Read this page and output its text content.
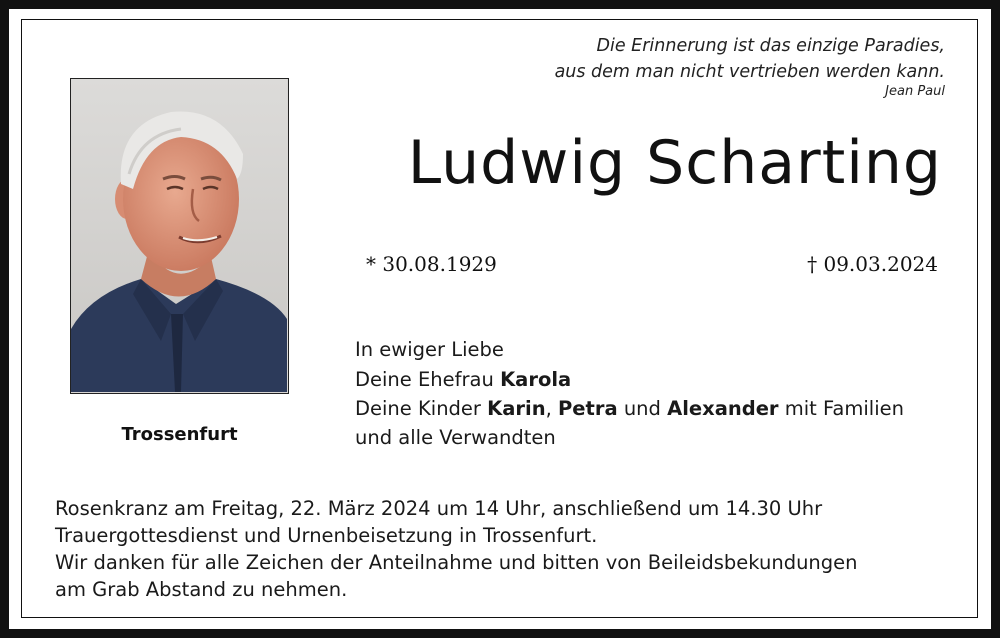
Die Erinnerung ist das einzige Paradies,
aus dem man nicht vertrieben werden kann.
Jean Paul
Ludwig Scharting
Trossenfurt
* 30.08.1929	† 09.03.2024
In ewiger Liebe
Deine Ehefrau Karola
Deine Kinder Karin, Petra und Alexander mit Familien
und alle Verwandten
Rosenkranz am Freitag, 22. März 2024 um 14 Uhr, anschließend um 14.30 Uhr
Trauergottesdienst und Urnenbeisetzung in Trossenfurt.
Wir danken für alle Zeichen der Anteilnahme und bitten von Beileidsbekundungen
am Grab Abstand zu nehmen.
